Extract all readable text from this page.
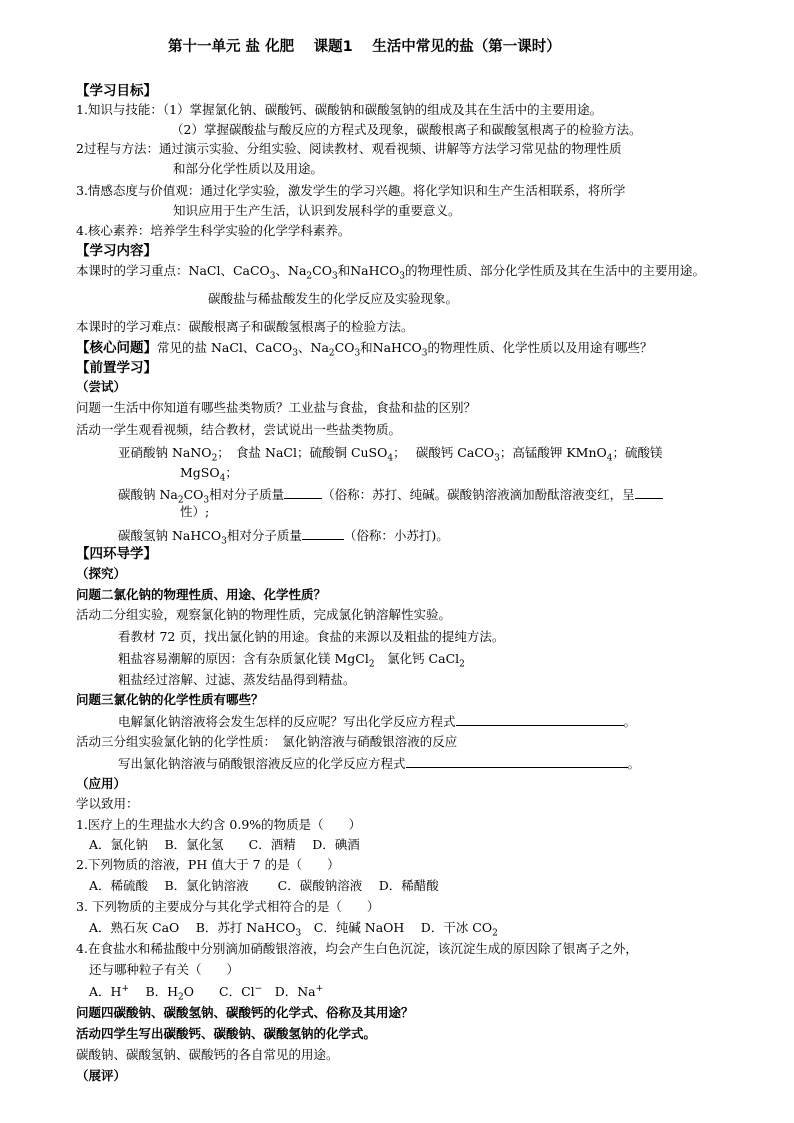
第十一单元 盐 化肥　 课题1　 生活中常见的盐（第一课时）
【学习目标】
1.知识与技能：（1）掌握氯化钠、碳酸钙、碳酸钠和碳酸氢钠的组成及其在生活中的主要用途。
（2）掌握碳酸盐与酸反应的方程式及现象，碳酸根离子和碳酸氢根离子的检验方法。
2过程与方法：通过演示实验、分组实验、阅读教材、观看视频、讲解等方法学习常见盐的物理性质
和部分化学性质以及用途。
3.情感态度与价值观：通过化学实验，激发学生的学习兴趣。将化学知识和生产生活相联系，将所学
知识应用于生产生活，认识到发展科学的重要意义。
4.核心素养：培养学生科学实验的化学学科素养。
【学习内容】
本课时的学习重点：NaCl、CaCO$_3$、$Na_2CO_3$和NaHCO$_3$的物理性质、部分化学性质及其在生活中的主要用途。
碳酸盐与稀盐酸发生的化学反应及实验现象。
本课时的学习难点：碳酸根离子和碳酸氢根离子的检验方法。
【核心问题】常见的盐 NaCl、CaCO$_3$、$Na_2CO_3$和NaHCO$_3$的物理性质、化学性质以及用途有哪些？
【前置学习】
（尝试）
问题一生活中你知道有哪些盐类物质？工业盐与食盐，食盐和盐的区别？
活动一学生观看视频，结合教材，尝试说出一些盐类物质。
亚硝酸钠 NaNO$_2$；　食盐 NaCl；硫酸铜 CuSO$_4$；　 碳酸钙 CaCO$_3$；高锰酸钾 KMnO$_4$；硫酸镁
MgSO$_4$；
碳酸钠 $Na_2CO_3$相对分子质量	（俗称：苏打、纯碱。碳酸钠溶液滴加酚酞溶液变红，呈
性）;
碳酸氢钠 NaHCO$_3$相对分子质量	（俗称：小苏打)。
【四环导学】
（探究）
问题二氯化钠的物理性质、用途、化学性质？
活动二分组实验，观察氯化钠的物理性质，完成氯化钠溶解性实验。
看教材 72 页，找出氯化钠的用途。食盐的来源以及粗盐的提纯方法。
粗盐容易潮解的原因：含有杂质氯化镁 MgCl$_2$　氯化钙 CaCl$_2$
粗盐经过溶解、过滤、蒸发结晶得到精盐。
问题三氯化钠的化学性质有哪些？
电解氯化钠溶液将会发生怎样的反应呢？写出化学反应方程式	。
活动三分组实验氯化钠的化学性质：　氯化钠溶液与硝酸银溶液的反应
写出氯化钠溶液与硝酸银溶液反应的化学反应方程式	。
（应用）
学以致用：
1.医疗上的生理盐水大约含 0.9%的物质是（　　）
A．氯化钠　 B．氯化氢　　C．酒精　 D．碘酒
2.下列物质的溶液，PH 值大于 7 的是（　　）
A．稀硫酸　 B．氯化钠溶液　　 C．碳酸钠溶液　 D．稀醋酸
3. 下列物质的主要成分与其化学式相符合的是（　　）
A．熟石灰 CaO　 B．苏打 NaHCO$_3$　C．纯碱 NaOH　 D．干冰 $CO_2$
4.在食盐水和稀盐酸中分别滴加硝酸银溶液，均会产生白色沉淀，该沉淀生成的原因除了银离子之外，
还与哪种粒子有关（　　）
A．H+　 B．$H_2O$　　C．Cl−　D．Na+
问题四碳酸钠、碳酸氢钠、碳酸钙的化学式、俗称及其用途？
活动四学生写出碳酸钙、碳酸钠、碳酸氢钠的化学式。
碳酸钠、碳酸氢钠、碳酸钙的各自常见的用途。
（展评）
